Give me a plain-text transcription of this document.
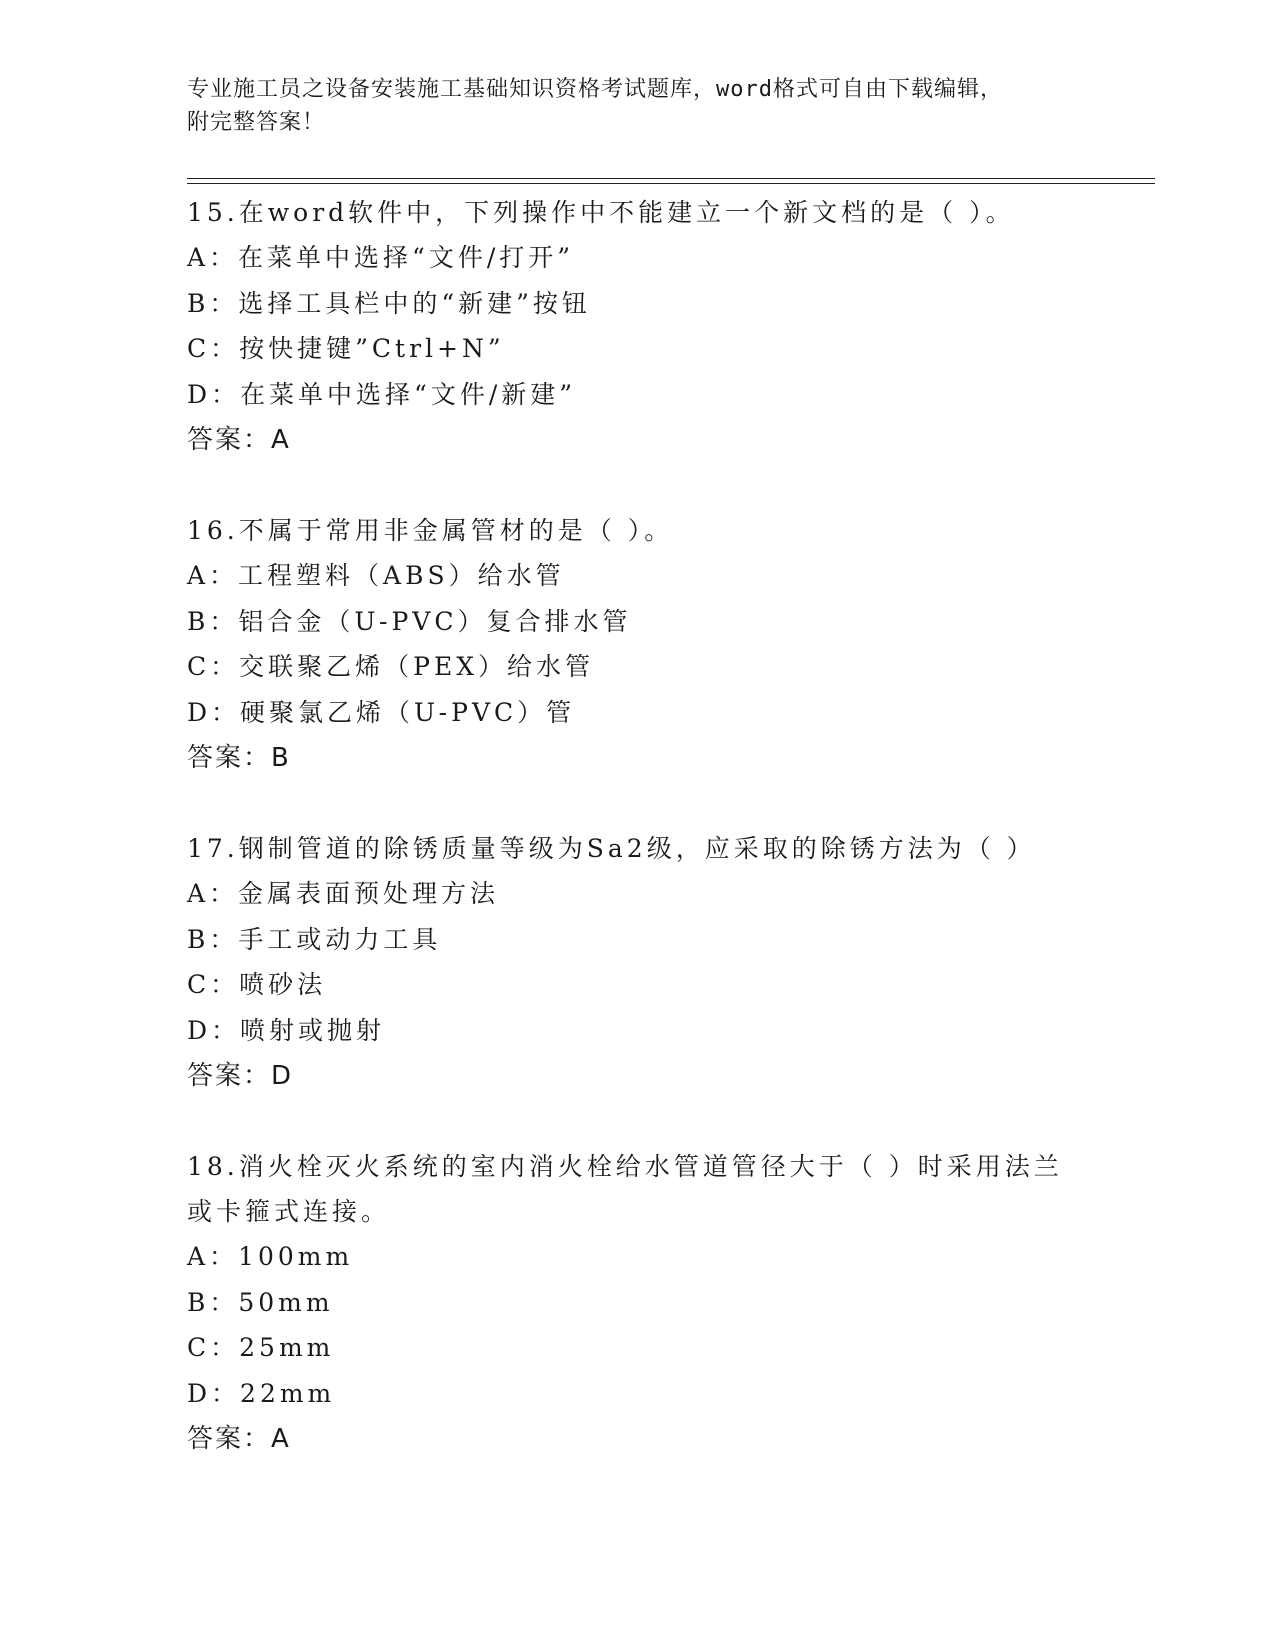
专业施工员之设备安装施工基础知识资格考试题库，word格式可自由下载编辑，
附完整答案！
15.在word软件中，下列操作中不能建立一个新文档的是（ ）。
A：在菜单中选择“文件/打开”
B：选择工具栏中的“新建”按钮
C：按快捷键”Ctrl+N”
D：在菜单中选择“文件/新建”
答案：A
16.不属于常用非金属管材的是（ ）。
A：工程塑料（ABS）给水管
B：铝合金（U-PVC）复合排水管
C：交联聚乙烯（PEX）给水管
D：硬聚氯乙烯（U-PVC）管
答案：B
17.钢制管道的除锈质量等级为Sa2级，应采取的除锈方法为（ ）
A：金属表面预处理方法
B：手工或动力工具
C：喷砂法
D：喷射或抛射
答案：D
18.消火栓灭火系统的室内消火栓给水管道管径大于（ ）时采用法兰
或卡箍式连接。
A：100mm
B：50mm
C：25mm
D：22mm
答案：A
